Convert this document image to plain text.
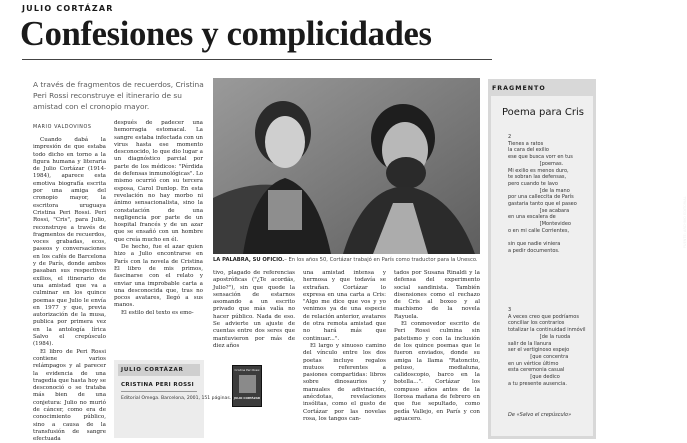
JULIO CORTÁZAR
Confesiones y complicidades
A través de fragmentos de recuerdos, Cristina Peri Rossi reconstruye el itinerario de su amistad con el cronopio mayor.
MARIO VALDOVINOS

Cuando dabá la impresión de que estaba todo dicho en torno a la figura humana y literaria de Julio Cortázar (1914-1984), aparece esta emotiva biografía escrita por una amiga del cronopio mayor, la escritora uruguaya Cristina Peri Rossi. Peri Rossi, "Cris", para Julio, reconstruye a través de fragmentos de recuerdos, voces grabadas, ecos, paseos y conversaciones en los cafés de Barcelona y de París, donde ambos pasaban sus respectivos exilios, el itinerario de una amistad que va a culminar en los quince poemas que Julio le envía en 1977 y que, previa autorización de la musa, publica por primera vez en la antología lírica Salvo el crepúsculo (1984).

El libro de Peri Rossi contiene varios relámpagos y al parecer la evidencia de una tragedia que hasta hoy se desconoció o se trataba más bien de una conjetura: Julio no murió de cáncer, como era de conocimiento público, sino a causa de la transfusión de sangre efectuada

después de padecer una hemorragia estomacal. La sangre estaba infectada con un virus hasta ese momento desconocido, lo que dio lugar a un diagnóstico parcial por parte de los médicos: "Pérdida de defensas inmunológicas". Lo mismo ocurrió con su tercera esposa, Carol Dunlop. En esta revelación no hay morbo ni ánimo sensacionalista, sino la constatación de una negligencia por parte de un hospital francés y de un azar que se ensañó con un hombre que creía mucho en él.

De hecho, fue el azar quien hizo a Julio encontrarse en París con la novela de Cristina El libro de mis primos, fascinarse con el relato y enviar una improbable carta a una desconocida que, tras no pocos avatares, llegó a sus manos.

El estilo del texto es emo-

FUENTE: ARCHIVO EDITORIAL
LA PALABRA, SU OFICIO.– En los años 50, Cortázar trabajó en París como traductor para la Unesco.

tivo, plagado de referencias apostróficas ("¿Te acordás, Julio?"), sin que quede la sensación de estarnos asomando a un escrito privado que más valía no hacer público. Nada de eso. Se advierte un ajuste de cuentas entre dos seres que mantuvieron por más de diez años

una amistad intensa y hermosa y que todavía se extrañan. Cortázar lo expresa en una carta a Cris: "Algo me dice que vos y yo venimos ya de una especie de relación anterior, avatares de otra remota amistad que no hará más que continuar...".

El largo y sinuoso camino del vínculo entre los dos poetas incluye regalos mutuos referentes a pasiones compartidas: libros sobre dinosaurios y manuales de adivinación, anécdotas, revelaciones insólitas, como el gusto de Cortázar por las novelas rosa, los tangos can-

tados por Susana Rinaldi y la defensa del experimento social sandinista. También disensiones como el rechazo de Cris al boxeo y al machismo de la novela Rayuela.

El conmovedor escrito de Peri Rossi culmina sin patetismo y con la inclusión de los quince poemas que le fueron enviados, donde su amiga la llama "Ratoncito, peluso, medialuna, calidoscopio, barco en la botella...". Cortázar los compuso años antes de la llorosa mañana de febrero en que fue sepultado, como pedía Vallejo, en París y con aguacero.

JULIO CORTÁZAR
CRISTINA PERI ROSSI
Editorial Omega. Barcelona, 2001, 151 páginas.
Cristina Peri Rossi
JULIO CORTÁZAR
FRAGMENTO
Poema para Cris
2
Tienes a ratos
la cara del exilio
ese que busca vorr en tus
[poemas.
Mi exilio es menos duro,
te sobran las defensas,
pero cuando te lavo
[de la mano
por una calleccita de París
gastaria tanto que el paseo
[se acabara
en una escalera de
[Montevideo
o en mi calle Corrientes,

sin que nadie viniera
a pedir documentos.
3
A veces creo que podríamos
conciliar los contrarios
totalizar la continuidad inmóvil
[de la ruoda
salir de la llanura
ser el vertiginoso espejo
[que concentra
en un vértice último
esta ceremonia casual
[que dedico
a tu presente ausencia.
De «Salvo el crepúsculo»
